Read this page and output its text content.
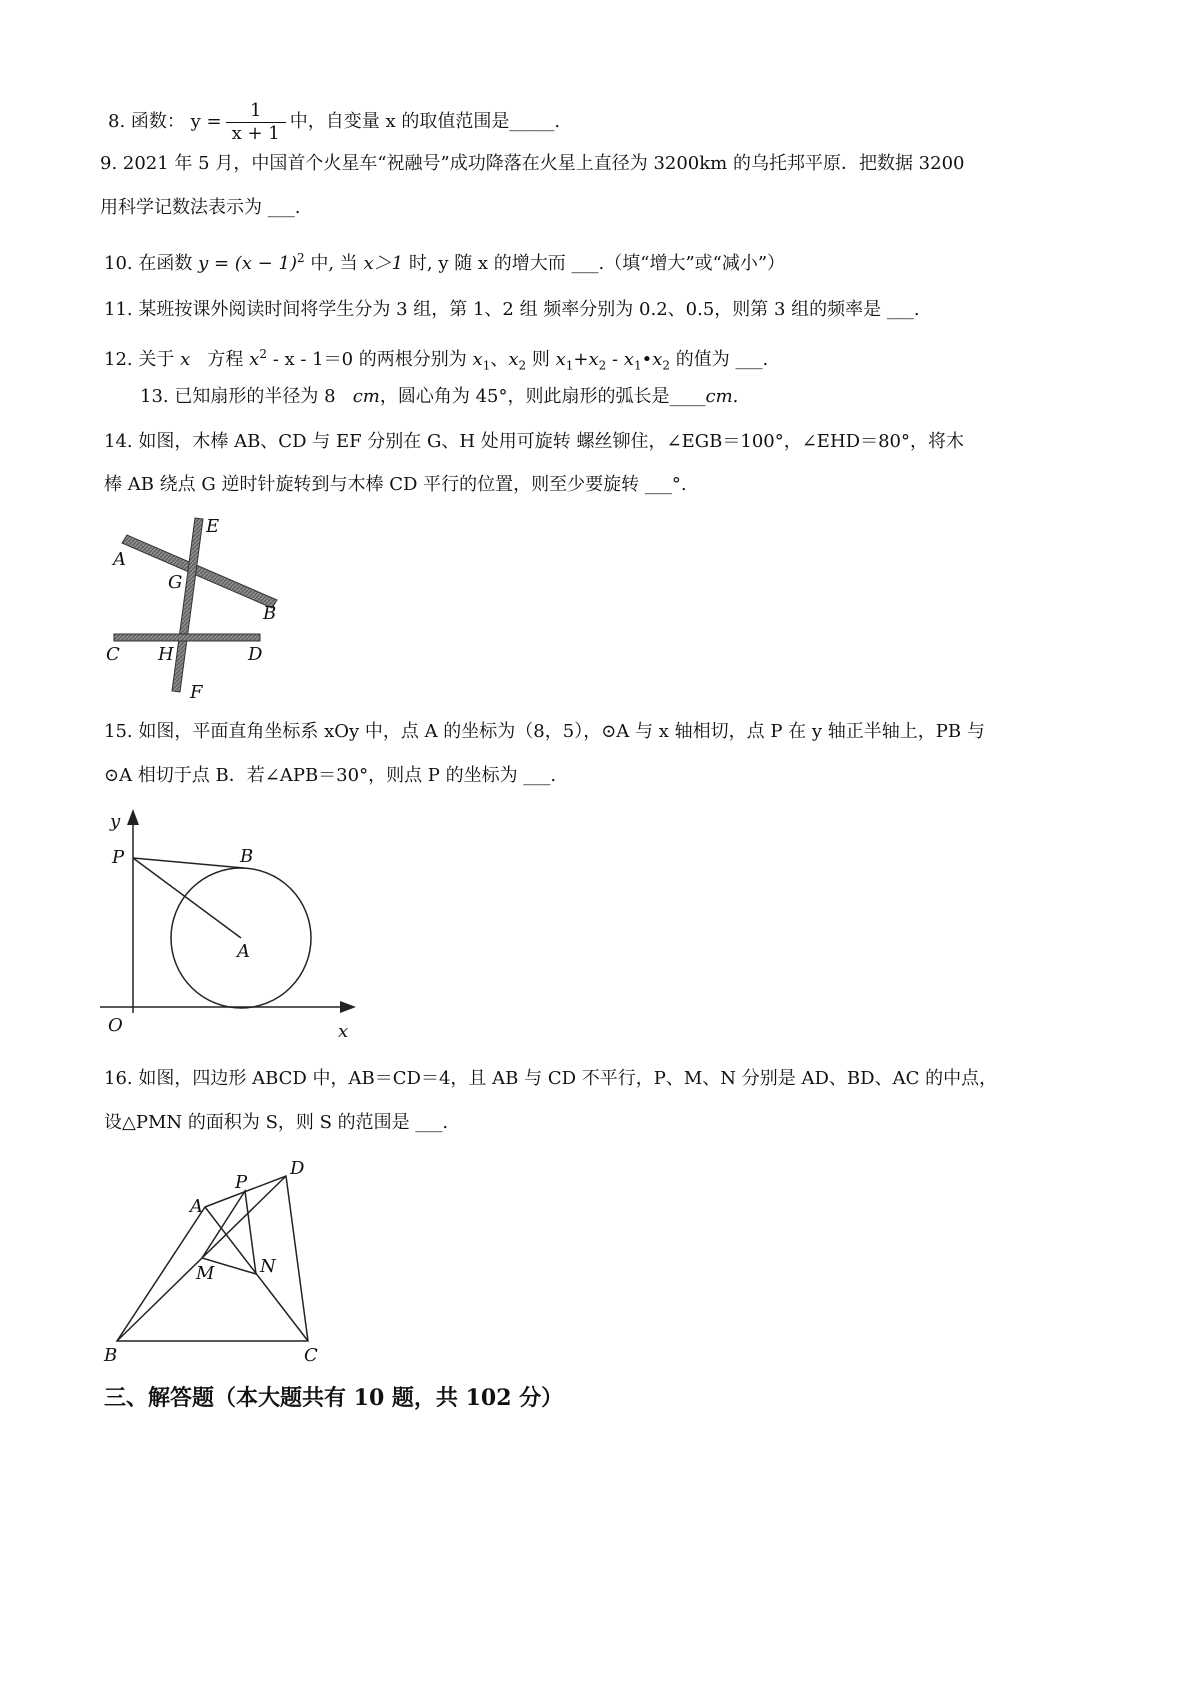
8. 函数： $y = \frac{1}{x + 1}$ 中，自变量 x 的取值范围是_____.
9. 2021 年 5 月，中国首个火星车“祝融号”成功降落在火星上直径为 3200km 的乌托邦平原．把数据 3200
用科学记数法表示为 ___.
10. 在函数 $y = (x - 1)^2$ 中, 当 x＞1 时, y 随 x 的增大而 ___.（填“增大”或“减小”）
11. 某班按课外阅读时间将学生分为 3 组，第 1、2 组 频率分别为 0.2、0.5，则第 3 组的频率是 ___.
12. 关于 x 方程 $x^2 - x - 1=0$ 的两根分别为 $x_1$、$x_2$ 则 $x_1+x_2$ - $x_1•x_2$ 的值为 ___.
13. 已知扇形的半径为 8 cm，圆心角为 45°，则此扇形的弧长是____cm.
14. 如图，木棒 AB、CD 与 EF 分别在 G、H 处用可旋转 螺丝铆住，∠EGB＝100°，∠EHD＝80°，将木
棒 AB 绕点 G 逆时针旋转到与木棒 CD 平行的位置，则至少要旋转 ___°.
A
E
G
B
C H	D
F
15. 如图，平面直角坐标系 xOy 中，点 A 的坐标为（8，5），⊙A 与 x 轴相切，点 P 在 y 轴正半轴上，PB 与
⊙A 相切于点 B．若∠APB＝30°，则点 P 的坐标为 ___.
y
P	B
A
O	x
16. 如图，四边形 ABCD 中，AB＝CD＝4，且 AB 与 CD 不平行，P、M、N 分别是 AD、BD、AC 的中点，
设△PMN 的面积为 S，则 S 的范围是 ___.
A
P
D
M	N
B	C
三、解答题（本大题共有 10 题，共 102 分）
